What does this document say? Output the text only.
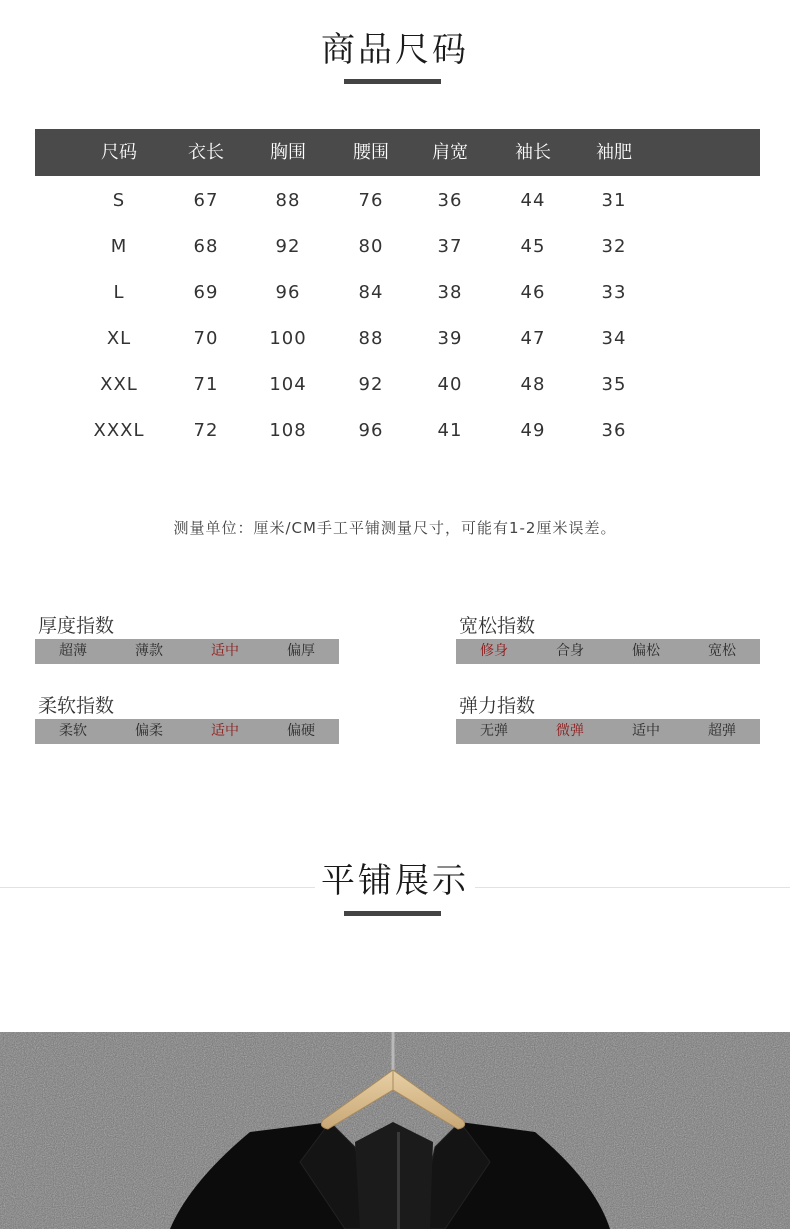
商品尺码
尺码	衣长	胸围	腰围	肩宽	袖长	袖肥
S	67	88	76	36	44	31
M	68	92	80	37	45	32
L	69	96	84	38	46	33
XL	70	100	88	39	47	34
XXL	71	104	92	40	48	35
XXXL	72	108	96	41	49	36
测量单位：厘米/CM手工平铺测量尺寸，可能有1-2厘米误差。
厚度指数
超薄	薄款	适中	偏厚
宽松指数
修身	合身	偏松	宽松
柔软指数
柔软	偏柔	适中	偏硬
弹力指数
无弹	微弹	适中	超弹
平铺展示
